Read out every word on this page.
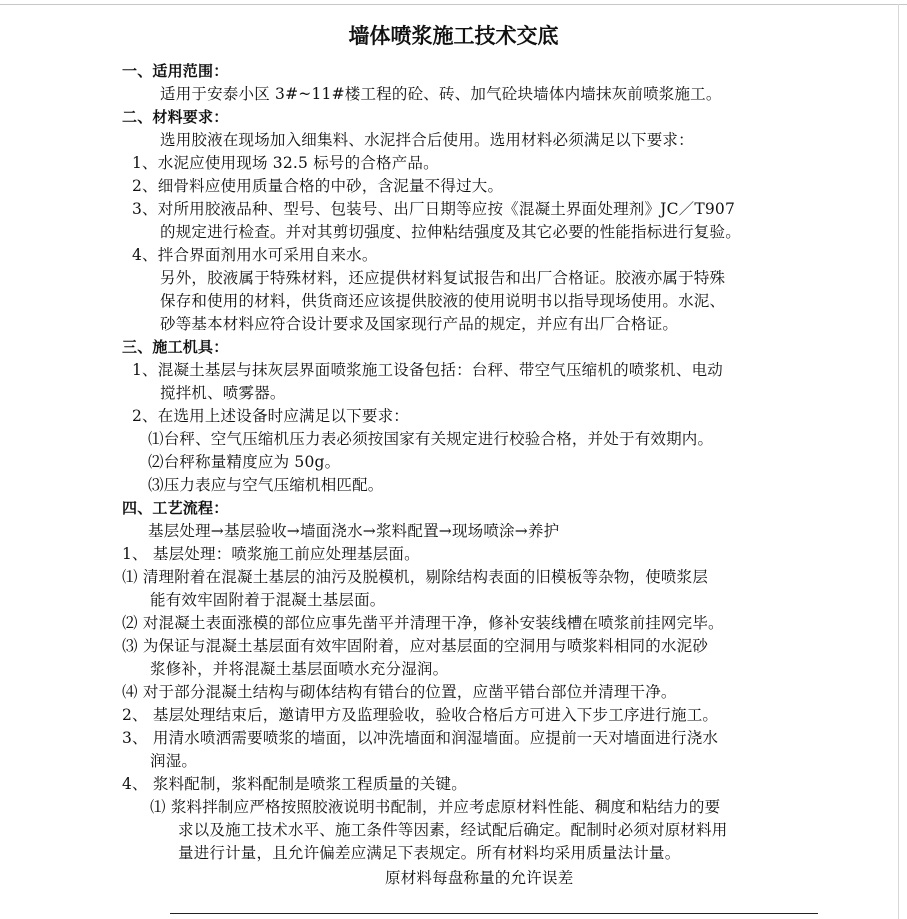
墙体喷浆施工技术交底
一、适用范围：
适用于安泰小区 3#~11#楼工程的砼、砖、加气砼块墙体内墙抹灰前喷浆施工。
二、材料要求：
选用胶液在现场加入细集料、水泥拌合后使用。选用材料必须满足以下要求：
1、水泥应使用现场 32.5 标号的合格产品。
2、细骨料应使用质量合格的中砂，含泥量不得过大。
3、对所用胶液品种、型号、包装号、出厂日期等应按《混凝土界面处理剂》JC／T907
的规定进行检查。并对其剪切强度、拉伸粘结强度及其它必要的性能指标进行复验。
4、拌合界面剂用水可采用自来水。
另外，胶液属于特殊材料，还应提供材料复试报告和出厂合格证。胶液亦属于特殊
保存和使用的材料，供货商还应该提供胶液的使用说明书以指导现场使用。水泥、
砂等基本材料应符合设计要求及国家现行产品的规定，并应有出厂合格证。
三、施工机具：
1、混凝土基层与抹灰层界面喷浆施工设备包括：台秤、带空气压缩机的喷浆机、电动
搅拌机、喷雾器。
2、在选用上述设备时应满足以下要求：
⑴台秤、空气压缩机压力表必须按国家有关规定进行校验合格，并处于有效期内。
⑵台秤称量精度应为 50g。
⑶压力表应与空气压缩机相匹配。
四、工艺流程：
基层处理→基层验收→墙面浇水→浆料配置→现场喷涂→养护
1、 基层处理：喷浆施工前应处理基层面。
⑴ 清理附着在混凝土基层的油污及脱模机，剔除结构表面的旧模板等杂物，使喷浆层
能有效牢固附着于混凝土基层面。
⑵ 对混凝土表面涨模的部位应事先凿平并清理干净，修补安装线槽在喷浆前挂网完毕。
⑶ 为保证与混凝土基层面有效牢固附着，应对基层面的空洞用与喷浆料相同的水泥砂
浆修补，并将混凝土基层面喷水充分湿润。
⑷ 对于部分混凝土结构与砌体结构有错台的位置，应凿平错台部位并清理干净。
2、 基层处理结束后，邀请甲方及监理验收，验收合格后方可进入下步工序进行施工。
3、 用清水喷洒需要喷浆的墙面，以冲洗墙面和润湿墙面。应提前一天对墙面进行浇水
润湿。
4、 浆料配制，浆料配制是喷浆工程质量的关键。
⑴ 浆料拌制应严格按照胶液说明书配制，并应考虑原材料性能、稠度和粘结力的要
求以及施工技术水平、施工条件等因素，经试配后确定。配制时必须对原材料用
量进行计量，且允许偏差应满足下表规定。所有材料均采用质量法计量。
原材料每盘称量的允许误差
